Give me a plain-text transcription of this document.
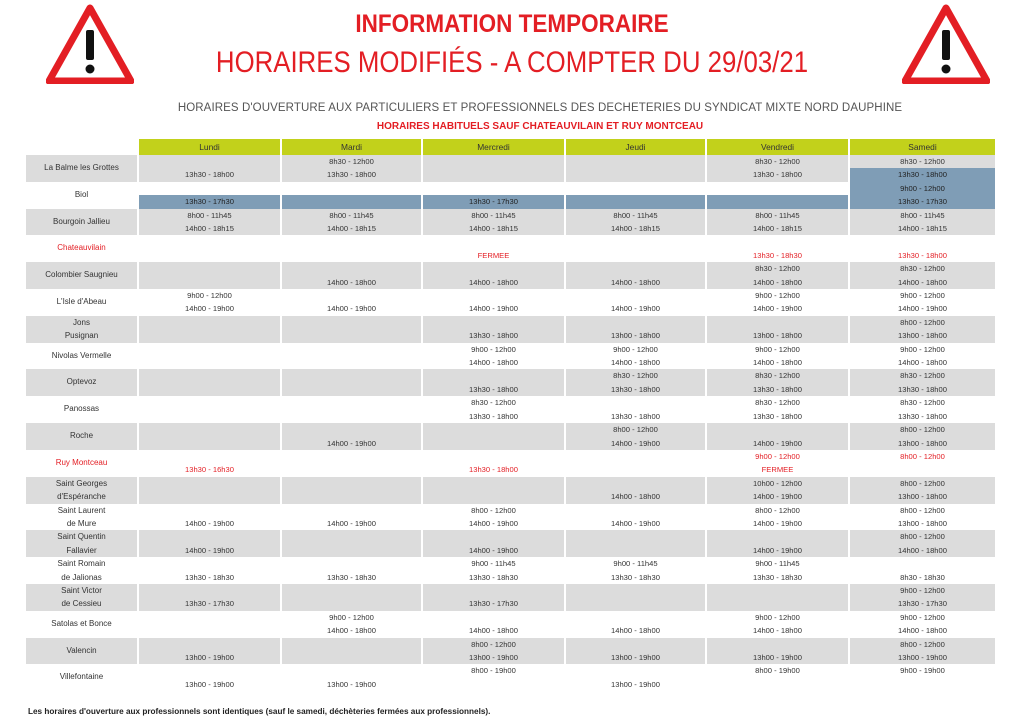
INFORMATION TEMPORAIRE
HORAIRES MODIFIÉS - A COMPTER DU 29/03/21
HORAIRES D'OUVERTURE AUX PARTICULIERS ET PROFESSIONNELS DES DECHETERIES DU SYNDICAT MIXTE NORD DAUPHINE
HORAIRES HABITUELS SAUF CHATEAUVILAIN ET RUY MONTCEAU
	Lundi	Mardi	Mercredi	Jeudi	Vendredi	Samedi

La Balme les Grottes		8h30 - 12h00			8h30 - 12h00	8h30 - 12h00
	13h30 - 18h00	13h30 - 18h00			13h30 - 18h00	13h30 - 18h00

Biol						9h00 - 12h00
	13h30 - 17h30		13h30 - 17h30			13h30 - 17h30

Bourgoin Jallieu	8h00 - 11h45	8h00 - 11h45	8h00 - 11h45	8h00 - 11h45	8h00 - 11h45	8h00 - 11h45
	14h00 - 18h15	14h00 - 18h15	14h00 - 18h15	14h00 - 18h15	14h00 - 18h15	14h00 - 18h15

Chateauvilain						

			FERMEE		13h30 - 18h30	13h30 - 18h00

Colombier Saugnieu					8h30 - 12h00	8h30 - 12h00
		14h00 - 18h00	14h00 - 18h00	14h00 - 18h00	14h00 - 18h00	14h00 - 18h00

L'Isle d'Abeau	9h00 - 12h00				9h00 - 12h00	9h00 - 12h00
	14h00 - 19h00	14h00 - 19h00	14h00 - 19h00	14h00 - 19h00	14h00 - 19h00	14h00 - 19h00

Jons
Pusignan						8h00 - 12h00
			13h30 - 18h00	13h00 - 18h00	13h00 - 18h00	13h00 - 18h00

Nivolas Vermelle			9h00 - 12h00	9h00 - 12h00	9h00 - 12h00	9h00 - 12h00
			14h00 - 18h00	14h00 - 18h00	14h00 - 18h00	14h00 - 18h00

Optevoz				8h30 - 12h00	8h30 - 12h00	8h30 - 12h00
			13h30 - 18h00	13h30 - 18h00	13h30 - 18h00	13h30 - 18h00

Panossas			8h30 - 12h00		8h30 - 12h00	8h30 - 12h00
			13h30 - 18h00	13h30 - 18h00	13h30 - 18h00	13h30 - 18h00

Roche				8h00 - 12h00		8h00 - 12h00
		14h00 - 19h00		14h00 - 19h00	14h00 - 19h00	13h00 - 18h00

Ruy Montceau					9h00 - 12h00	8h00 - 12h00
	13h30 - 16h30		13h30 - 18h00		FERMEE	

Saint Georges
d'Espéranche					10h00 - 12h00	8h00 - 12h00
				14h00 - 18h00	14h00 - 19h00	13h00 - 18h00

Saint Laurent
de Mure			8h00 - 12h00		8h00 - 12h00	8h00 - 12h00
	14h00 - 19h00	14h00 - 19h00	14h00 - 19h00	14h00 - 19h00	14h00 - 19h00	13h00 - 18h00

Saint Quentin
Fallavier						8h00 - 12h00
	14h00 - 19h00		14h00 - 19h00		14h00 - 19h00	14h00 - 18h00

Saint Romain
de Jalionas			9h00 - 11h45	9h00 - 11h45	9h00 - 11h45	
	13h30 - 18h30	13h30 - 18h30	13h30 - 18h30	13h30 - 18h30	13h30 - 18h30	8h30 - 18h30

Saint Victor
de Cessieu						9h00 - 12h00
	13h30 - 17h30		13h30 - 17h30			13h30 - 17h30

Satolas et Bonce		9h00 - 12h00			9h00 - 12h00	9h00 - 12h00
		14h00 - 18h00	14h00 - 18h00	14h00 - 18h00	14h00 - 18h00	14h00 - 18h00

Valencin			8h00 - 12h00			8h00 - 12h00
	13h00 - 19h00		13h00 - 19h00	13h00 - 19h00	13h00 - 19h00	13h00 - 19h00

Villefontaine			8h00 - 19h00		8h00 - 19h00	9h00 - 19h00
	13h00 - 19h00	13h00 - 19h00		13h00 - 19h00		
Les horaires d'ouverture aux professionnels sont identiques (sauf le samedi, déchèteries fermées aux professionnels).
